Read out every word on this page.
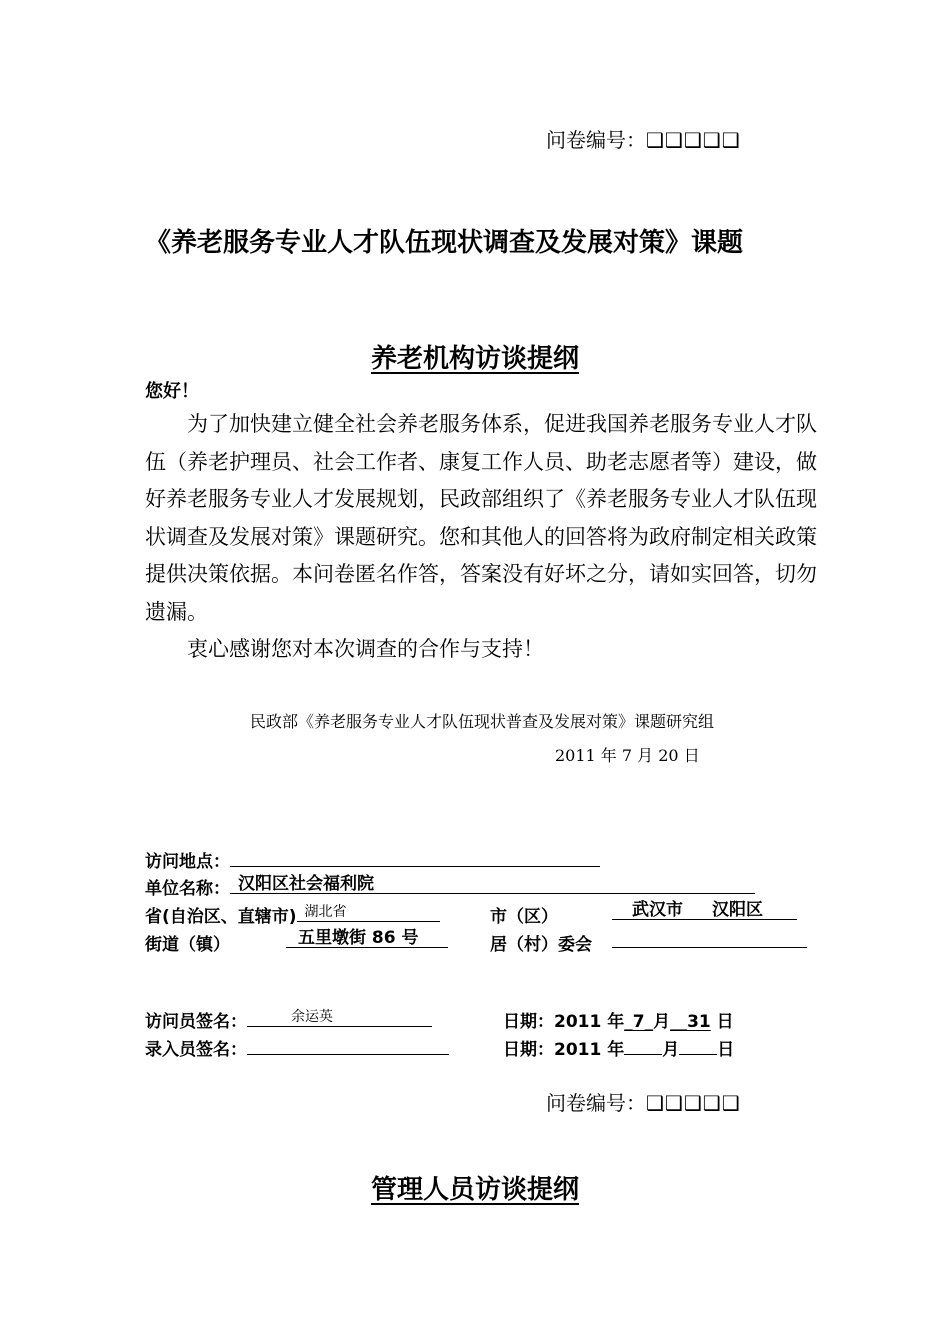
问卷编号：❑❑❑❑❑
《养老服务专业人才队伍现状调查及发展对策》课题
养老机构访谈提纲
您好！
为了加快建立健全社会养老服务体系，促进我国养老服务专业人才队伍（养老护理员、社会工作者、康复工作人员、助老志愿者等）建设，做好养老服务专业人才发展规划，民政部组织了《养老服务专业人才队伍现状调查及发展对策》课题研究。您和其他人的回答将为政府制定相关政策提供决策依据。本问卷匿名作答，答案没有好坏之分，请如实回答，切勿遗漏。
衷心感谢您对本次调查的合作与支持！
民政部《养老服务专业人才队伍现状普查及发展对策》课题研究组
2011 年 7 月 20 日
访问地点：
单位名称： 汉阳区社会福利院
省(自治区、直辖市) 湖北省	市（区）	武汉市 汉阳区
街道（镇）	五里墩街 86 号	居（村）委会
访问员签名：	余运英	日期：2011 年_7_月__31 日
录入员签名：	日期：2011 年 月 日
问卷编号：❑❑❑❑❑
管理人员访谈提纲
